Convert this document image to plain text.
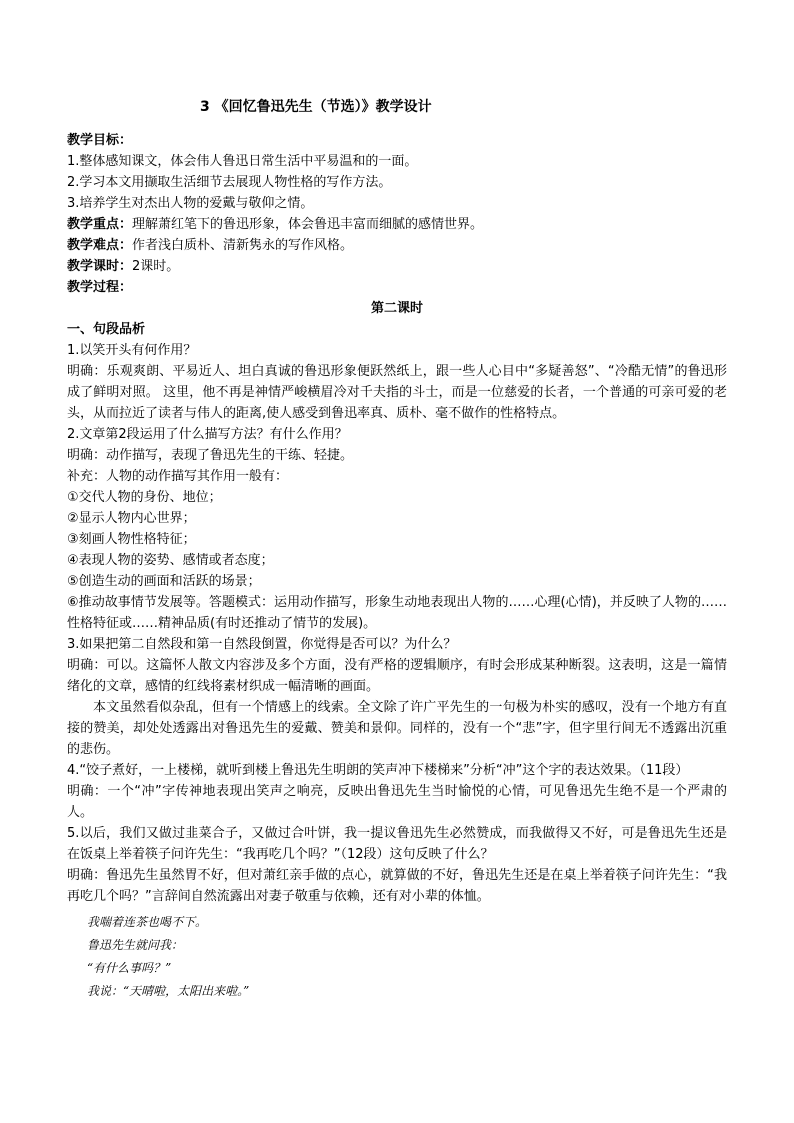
3 《回忆鲁迅先生（节选）》教学设计

教学目标：

1.整体感知课文，体会伟人鲁迅日常生活中平易温和的一面。

2.学习本文用撷取生活细节去展现人物性格的写作方法。

3.培养学生对杰出人物的爱戴与敬仰之情。

教学重点：理解萧红笔下的鲁迅形象，体会鲁迅丰富而细腻的感情世界。

教学难点：作者浅白质朴、清新隽永的写作风格。

教学课时：2课时。

教学过程：

第二课时

一、句段品析

1.以笑开头有何作用？

明确：乐观爽朗、平易近人、坦白真诚的鲁迅形象便跃然纸上，跟一些人心目中“多疑善怒”、“冷酷无情”的鲁迅形成了鲜明对照。 这里，他不再是神情严峻横眉冷对千夫指的斗士，而是一位慈爱的长者，一个普通的可亲可爱的老头，从而拉近了读者与伟人的距离,使人感受到鲁迅率真、质朴、毫不做作的性格特点。

2.文章第2段运用了什么描写方法？有什么作用？

明确：动作描写，表现了鲁迅先生的干练、轻捷。

补充：人物的动作描写其作用一般有：

①交代人物的身份、地位；

②显示人物内心世界；

③刻画人物性格特征；

④表现人物的姿势、感情或者态度；

⑤创造生动的画面和活跃的场景；

⑥推动故事情节发展等。答题模式：运用动作描写，形象生动地表现出人物的……心理(心情)，并反映了人物的……性格特征或……精神品质(有时还推动了情节的发展)。

3.如果把第二自然段和第一自然段倒置，你觉得是否可以？为什么？

明确：可以。这篇怀人散文内容涉及多个方面，没有严格的逻辑顺序，有时会形成某种断裂。这表明，这是一篇情绪化的文章，感情的红线将素材织成一幅清晰的画面。

本文虽然看似杂乱，但有一个情感上的线索。全文除了许广平先生的一句极为朴实的感叹，没有一个地方有直接的赞美，却处处透露出对鲁迅先生的爱戴、赞美和景仰。同样的，没有一个“悲”字，但字里行间无不透露出沉重的悲伤。

4.“饺子煮好，一上楼梯，就听到楼上鲁迅先生明朗的笑声冲下楼梯来”分析“冲”这个字的表达效果。（11段）

明确：一个“冲”字传神地表现出笑声之响亮，反映出鲁迅先生当时愉悦的心情，可见鲁迅先生绝不是一个严肃的人。

5.以后，我们又做过韭菜合子，又做过合叶饼，我一提议鲁迅先生必然赞成，而我做得又不好，可是鲁迅先生还是在饭桌上举着筷子问许先生：“我再吃几个吗？”（12段）这句反映了什么？

明确：鲁迅先生虽然胃不好，但对萧红亲手做的点心，就算做的不好，鲁迅先生还是在桌上举着筷子问许先生：“我再吃几个吗？”言辞间自然流露出对妻子敬重与依赖，还有对小辈的体恤。

我喘着连茶也喝不下。

鲁迅先生就问我：

“有什么事吗？”

我说：“天晴啦，太阳出来啦。”
